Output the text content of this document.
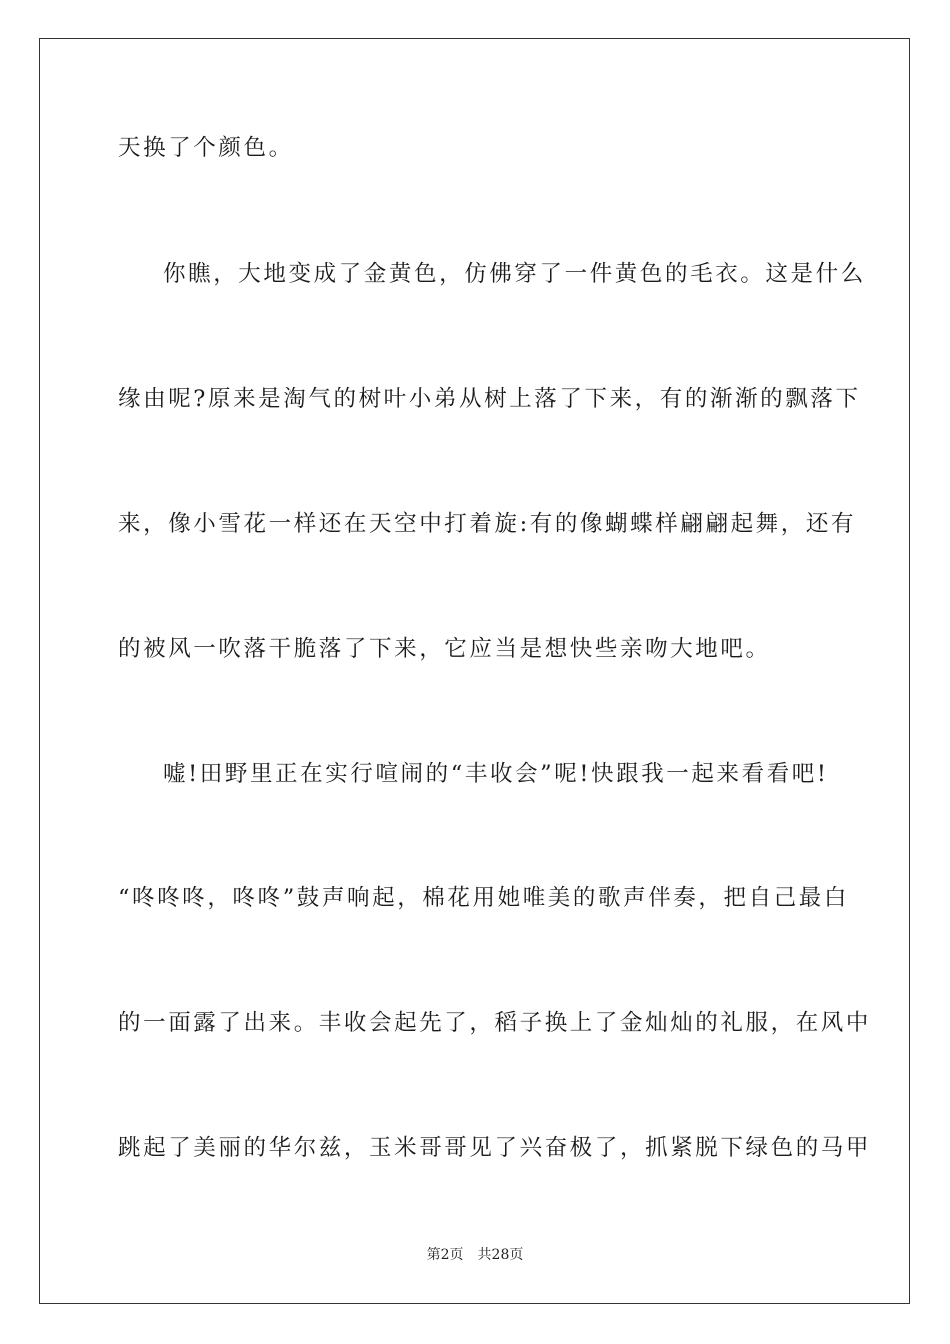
天换了个颜色。
你瞧，大地变成了金黄色，仿佛穿了一件黄色的毛衣。这是什么
缘由呢?原来是淘气的树叶小弟从树上落了下来，有的渐渐的飘落下
来，像小雪花一样还在天空中打着旋:有的像蝴蝶样翩翩起舞，还有
的被风一吹落干脆落了下来，它应当是想快些亲吻大地吧。
嘘!田野里正在实行喧闹的“丰收会”呢!快跟我一起来看看吧!
“咚咚咚，咚咚”鼓声响起，棉花用她唯美的歌声伴奏，把自己最白
的一面露了出来。丰收会起先了，稻子换上了金灿灿的礼服，在风中
跳起了美丽的华尔兹，玉米哥哥见了兴奋极了，抓紧脱下绿色的马甲
第2页　共28页
